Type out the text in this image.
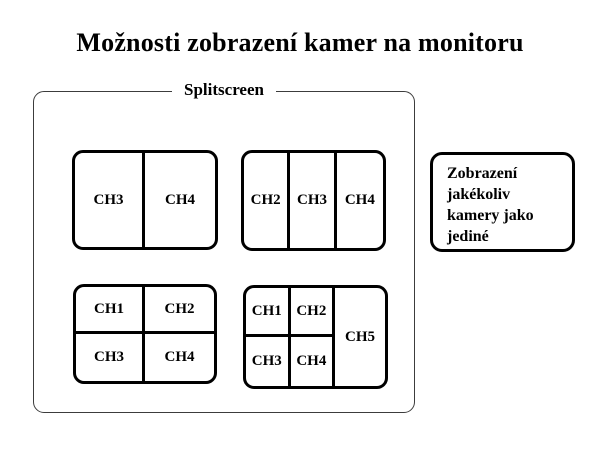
Možnosti zobrazení kamer na monitoru
Splitscreen
CH3	CH4	CH2	CH3	CH4
CH1	CH2
CH3	CH4
CH1 CH2
CH5
CH3 CH4
Zobrazení jakékoliv kamery jako jediné
